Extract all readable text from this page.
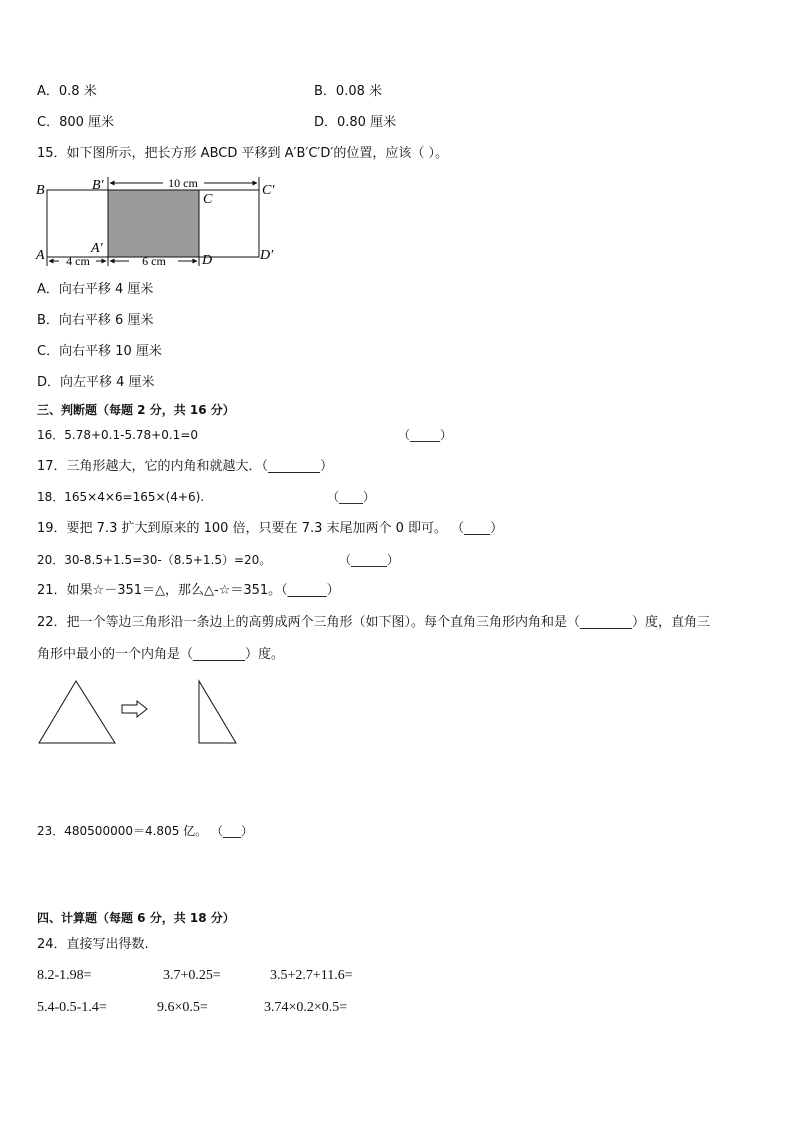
A．0.8 米	B．0.08 米
C．800 厘米	D．0.80 厘米
15．如下图所示，把长方形 ABCD 平移到 A′B′C′D′的位置，应该（ ）。
10 cm
4 cm	6 cm
B	B′
C
C′
A	A′
D	D′
A．向右平移 4 厘米
B．向右平移 6 厘米
C．向右平移 10 厘米
D．向左平移 4 厘米
三、判断题（每题 2 分，共 16 分）
16．5.78+0.1-5.78+0.1=0	（_____）
17．三角形越大，它的内角和就越大．（________）
18．165×4×6=165×(4+6).	（____）
19．要把 7.3 扩大到原来的 100 倍，只要在 7.3 末尾加两个 0 即可。 （____）
20．30-8.5+1.5=30-（8.5+1.5）=20。	（______）
21．如果☆－351＝△，那么△-☆＝351。（______）
22．把一个等边三角形沿一条边上的高剪成两个三角形（如下图）。每个直角三角形内角和是（________）度，直角三
角形中最小的一个内角是（________）度。
23．480500000＝4.805 亿。 （___）
四、计算题（每题 6 分，共 18 分）
24．直接写出得数.
8.2-1.98=	3.7+0.25=	3.5+2.7+11.6=
5.4-0.5-1.4=	9.6×0.5=	3.74×0.2×0.5=
